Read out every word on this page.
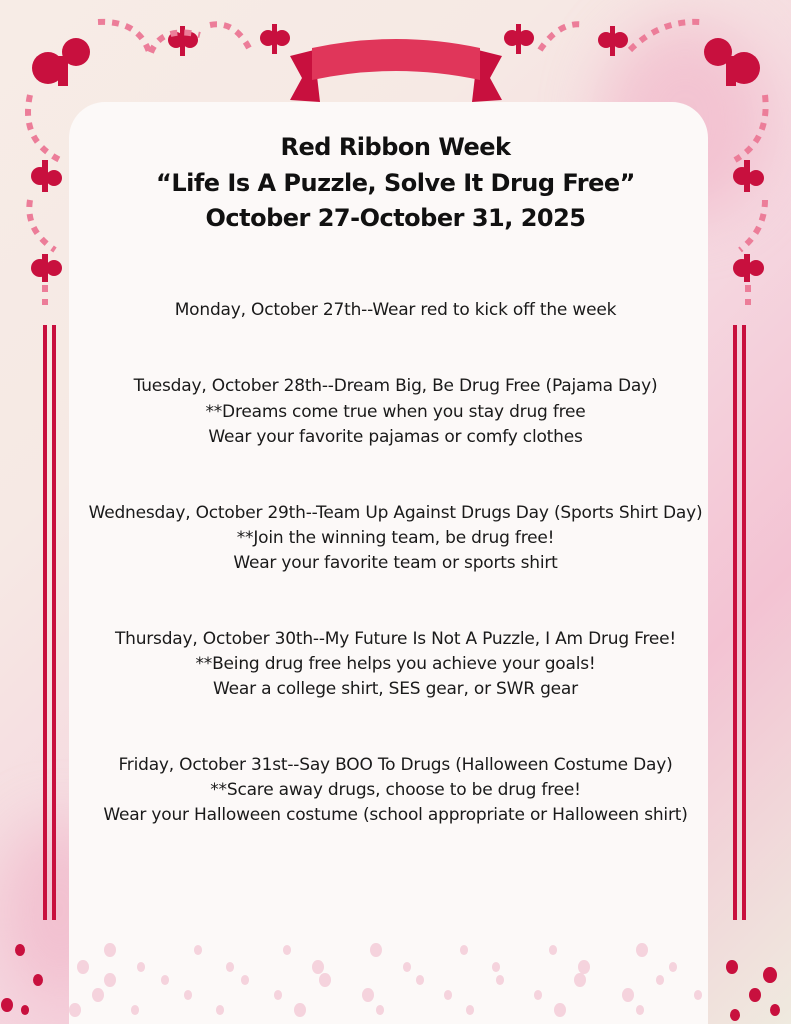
Red Ribbon Week
“Life Is A Puzzle, Solve It Drug Free”
October 27-October 31, 2025
Monday, October 27th--Wear red to kick off the week
Tuesday, October 28th--Dream Big, Be Drug Free (Pajama Day)
**Dreams come true when you stay drug free
Wear your favorite pajamas or comfy clothes
Wednesday, October 29th--Team Up Against Drugs Day (Sports Shirt Day)
**Join the winning team, be drug free!
Wear your favorite team or sports shirt
Thursday, October 30th--My Future Is Not A Puzzle, I Am Drug Free!
**Being drug free helps you achieve your goals!
Wear a college shirt, SES gear, or SWR gear
Friday, October 31st--Say BOO To Drugs (Halloween Costume Day)
**Scare away drugs, choose to be drug free!
Wear your Halloween costume (school appropriate or Halloween shirt)
